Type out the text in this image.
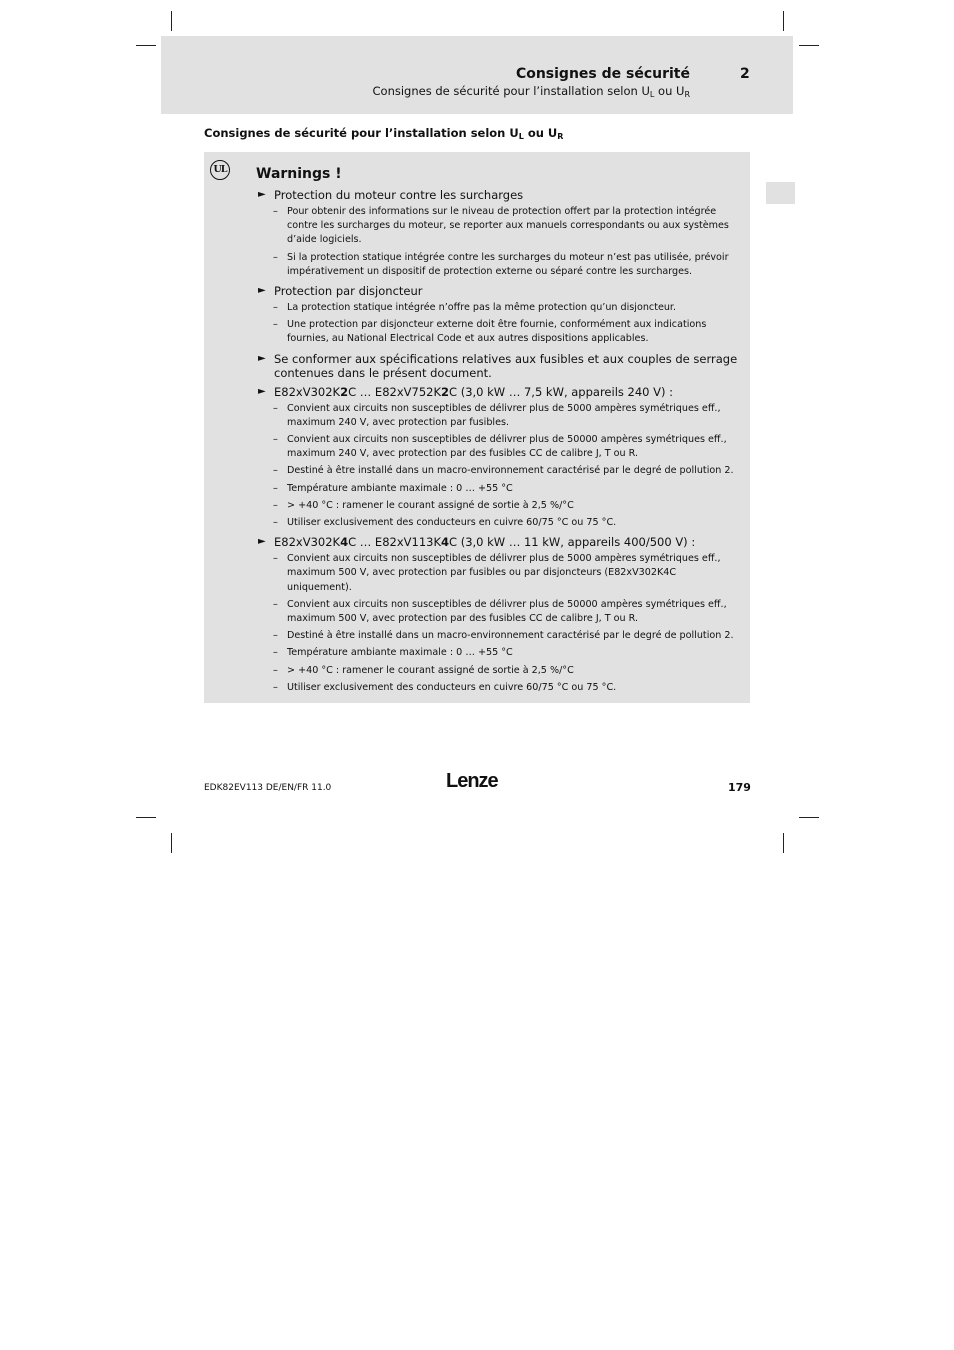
Consignes de sécurité	2
Consignes de sécurité pour l’installation selon $U_L$ ou $U_R$
Consignes de sécurité pour l’installation selon $U_L$ ou $U_R$
UL Warnings !
► Protection du moteur contre les surcharges
– Pour obtenir des informations sur le niveau de protection offert par la protection intégrée contre les surcharges du moteur, se reporter aux manuels correspondants ou aux systèmes d’aide logiciels.
– Si la protection statique intégrée contre les surcharges du moteur n’est pas utilisée, prévoir impérativement un dispositif de protection externe ou séparé contre les surcharges.
► Protection par disjoncteur
– La protection statique intégrée n’offre pas la même protection qu’un disjoncteur.
– Une protection par disjoncteur externe doit être fournie, conformément aux indications fournies, au National Electrical Code et aux autres dispositions applicables.
► Se conformer aux spécifications relatives aux fusibles et aux couples de serrage contenues dans le présent document.
► E82xV302K2C … E82xV752K2C (3,0 kW … 7,5 kW, appareils 240 V) :
– Convient aux circuits non susceptibles de délivrer plus de 5000 ampères symétriques eff., maximum 240 V, avec protection par fusibles.
– Convient aux circuits non susceptibles de délivrer plus de 50000 ampères symétriques eff., maximum 240 V, avec protection par des fusibles CC de calibre J, T ou R.
– Destiné à être installé dans un macro‑environnement caractérisé par le degré de pollution 2.
– Température ambiante maximale : 0 … +55 °C
– > +40 °C : ramener le courant assigné de sortie à 2,5 %/°C
– Utiliser exclusivement des conducteurs en cuivre 60/75 °C ou 75 °C.
► E82xV302K4C … E82xV113K4C (3,0 kW … 11 kW, appareils 400/500 V) :
– Convient aux circuits non susceptibles de délivrer plus de 5000 ampères symétriques eff., maximum 500 V, avec protection par fusibles ou par disjoncteurs (E82xV302K4C uniquement).
– Convient aux circuits non susceptibles de délivrer plus de 50000 ampères symétriques eff., maximum 500 V, avec protection par des fusibles CC de calibre J, T ou R.
– Destiné à être installé dans un macro‑environnement caractérisé par le degré de pollution 2.
– Température ambiante maximale : 0 … +55 °C
– > +40 °C : ramener le courant assigné de sortie à 2,5 %/°C
– Utiliser exclusivement des conducteurs en cuivre 60/75 °C ou 75 °C.
EDK82EV113 DE/EN/FR 11.0	Lenze	179
